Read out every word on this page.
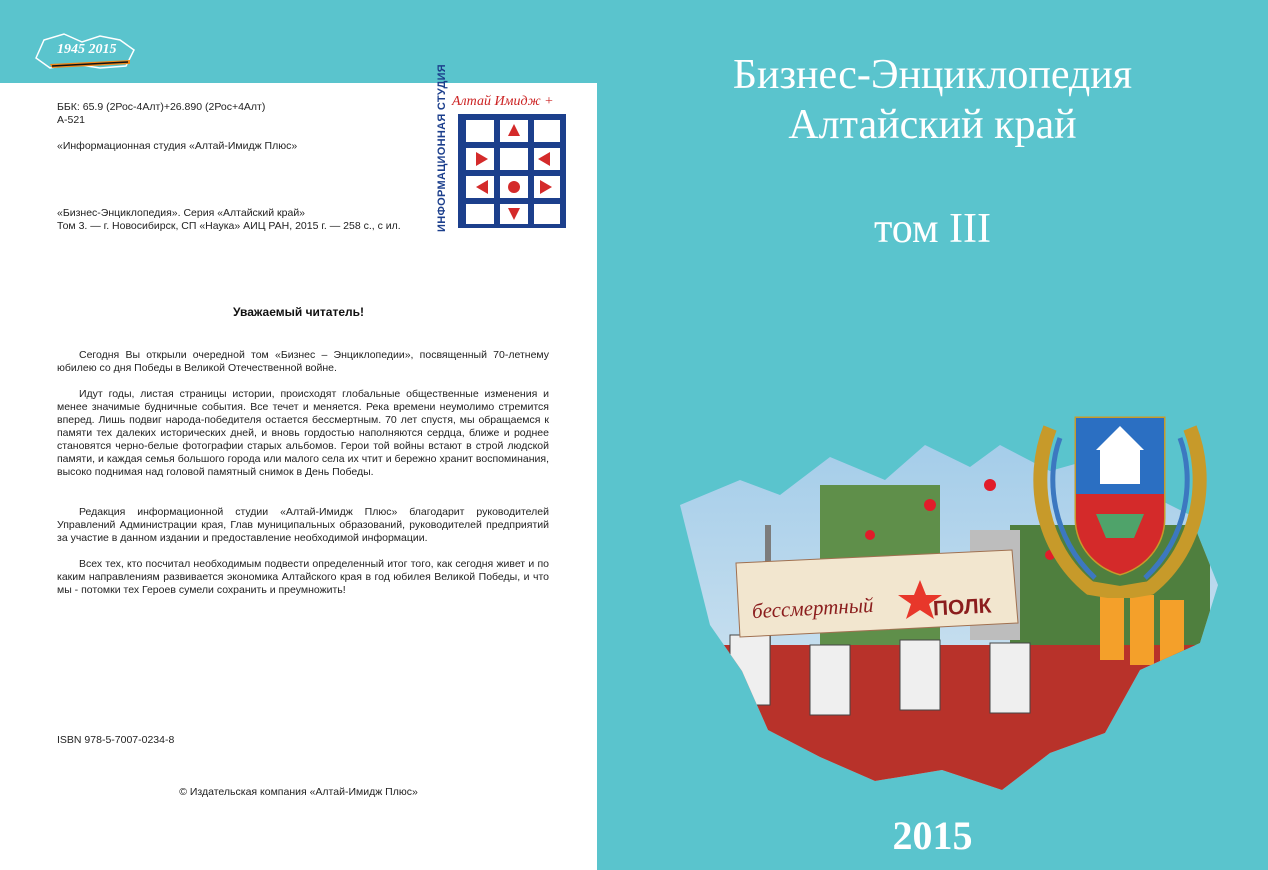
1945 2015
ББК: 65.9 (2Рос-4Алт)+26.890 (2Рос+4Алт)
А-521
«Информационная студия «Алтай-Имидж Плюс»
«Бизнес-Энциклопедия». Серия «Алтайский край»
Том 3. — г. Новосибирск, СП «Наука» АИЦ РАН, 2015 г. — 258 с., с ил.
Алтай Имидж +
ИНФОРМАЦИОННАЯ СТУДИЯ
Уважаемый читатель!

Сегодня Вы открыли очередной том «Бизнес – Энциклопедии», посвященный 70-летнему юбилею со дня Победы в Великой Отечественной войне.

Идут годы, листая страницы истории, происходят глобальные общественные изменения и менее значимые будничные события. Все течет и меняется. Река времени неумолимо стремится вперед. Лишь подвиг народа-победителя остается бессмертным. 70 лет спустя, мы обращаемся к памяти тех далеких исторических дней, и вновь гордостью наполняются сердца, ближе и роднее становятся черно-белые фотографии старых альбомов. Герои той войны встают в строй людской памяти, и каждая семья большого города или малого села их чтит и бережно хранит воспоминания, высоко поднимая над головой памятный снимок в День Победы.

Редакция информационной студии «Алтай-Имидж Плюс» благодарит руководителей Управлений Администрации края, Глав муниципальных образований, руководителей предприятий за участие в данном издании и предоставление необходимой информации.

Всех тех, кто посчитал необходимым подвести определенный итог того, как сегодня живет и по каким направлениям развивается экономика Алтайского края в год юбилея Великой Победы, и что мы - потомки тех Героев сумели сохранить и преумножить!

ISBN 978-5-7007-0234-8
© Издательская компания «Алтай-Имидж Плюс»
Бизнес-Энциклопедия
Алтайский край
том III
бессмертный	ПОЛК
2015
